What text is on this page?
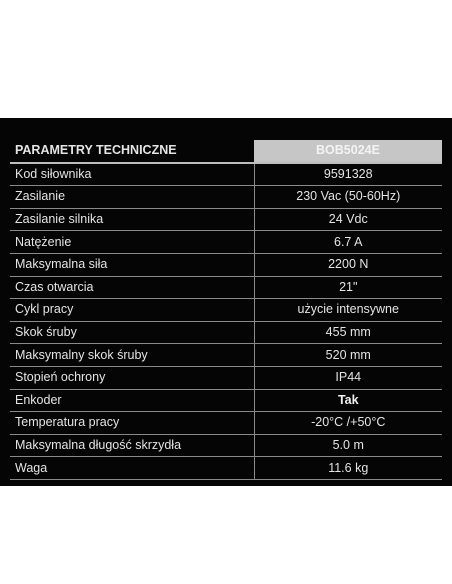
PARAMETRY TECHNICZNE	BOB5024E
Kod siłownika	9591328
Zasilanie	230 Vac (50-60Hz)
Zasilanie silnika	24 Vdc
Natężenie	6.7 A
Maksymalna siła	2200 N
Czas otwarcia	21"
Cykl pracy	użycie intensywne
Skok śruby	455 mm
Maksymalny skok śruby	520 mm
Stopień ochrony	IP44
Enkoder	Tak
Temperatura pracy	-20°C /+50°C
Maksymalna długość skrzydła	5.0 m
Waga	11.6 kg
